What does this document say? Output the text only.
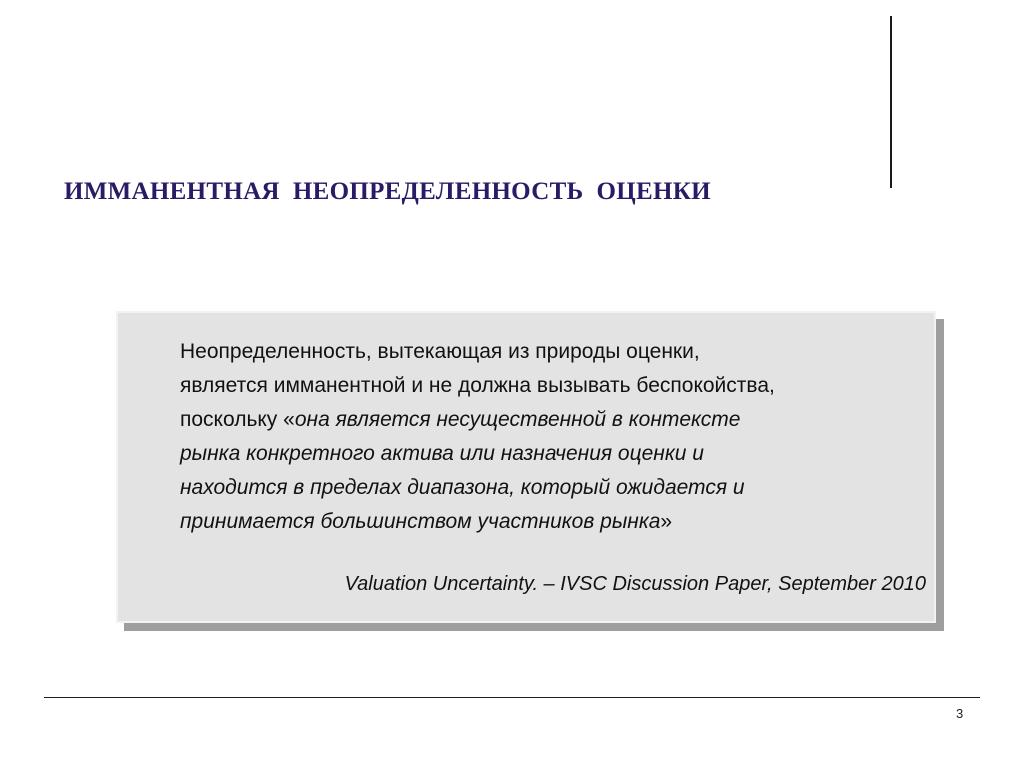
ИММАНЕНТНАЯ  НЕОПРЕДЕЛЕННОСТЬ  ОЦЕНКИ
Неопределенность, вытекающая из природы оценки,
является имманентной и не должна вызывать беспокойства,
поскольку «она является несущественной в контексте
рынка конкретного актива или назначения оценки и
находится в пределах диапазона, который ожидается и
принимается большинством участников рынка»
Valuation Uncertainty. – IVSC Discussion Paper, September 2010
3
